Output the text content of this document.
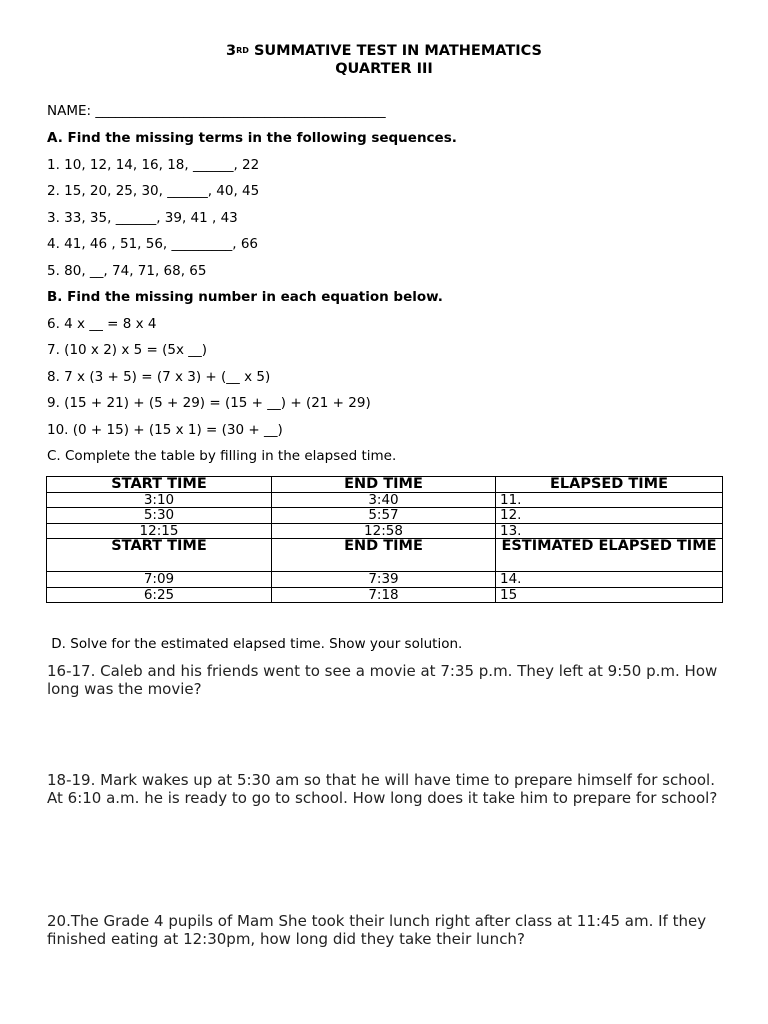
3RD SUMMATIVE TEST IN MATHEMATICS
QUARTER III
NAME: ___________________________________________
A. Find the missing terms in the following sequences.
1. 10, 12, 14, 16, 18, ______, 22
2. 15, 20, 25, 30, ______, 40, 45
3. 33, 35, ______, 39, 41 , 43
4. 41, 46 , 51, 56, _________, 66
5. 80, __, 74, 71, 68, 65
B. Find the missing number in each equation below.
6. 4 x __ = 8 x 4
7. (10 x 2) x 5 = (5x __)
8. 7 x (3 + 5) = (7 x 3) + (__ x 5)
9. (15 + 21) + (5 + 29) = (15 + __) + (21 + 29)
10. (0 + 15) + (15 x 1) = (30 + __)
C. Complete the table by filling in the elapsed time.
START TIME	END TIME	ELAPSED TIME
3:10	3:40	11.
5:30	5:57	12.
12:15	12:58	13.
START TIME	END TIME	ESTIMATED ELAPSED TIME
7:09	7:39	14.
6:25	7:18	15
D. Solve for the estimated elapsed time. Show your solution.
16-17. Caleb and his friends went to see a movie at 7:35 p.m. They left at 9:50 p.m. How long was the movie?
18-19. Mark wakes up at 5:30 am so that he will have time to prepare himself for school. At 6:10 a.m. he is ready to go to school. How long does it take him to prepare for school?
20.The Grade 4 pupils of Mam She took their lunch right after class at 11:45 am. If they finished eating at 12:30pm, how long did they take their lunch?
